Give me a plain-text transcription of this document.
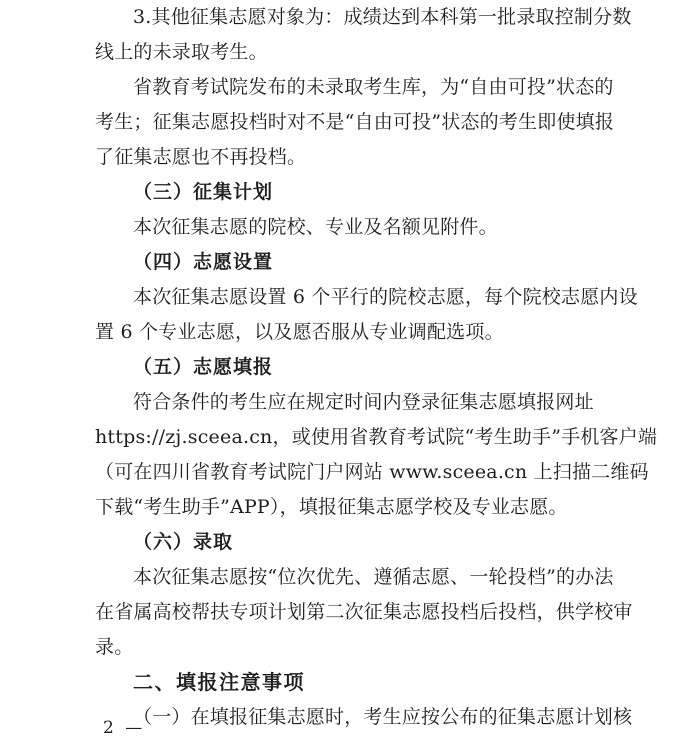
3.其他征集志愿对象为：成绩达到本科第一批录取控制分数
线上的未录取考生。
省教育考试院发布的未录取考生库，为“自由可投”状态的
考生；征集志愿投档时对不是“自由可投”状态的考生即使填报
了征集志愿也不再投档。
（三）征集计划
本次征集志愿的院校、专业及名额见附件。
（四）志愿设置
本次征集志愿设置 6 个平行的院校志愿，每个院校志愿内设
置 6 个专业志愿，以及愿否服从专业调配选项。
（五）志愿填报
符合条件的考生应在规定时间内登录征集志愿填报网址
https://zj.sceea.cn，或使用省教育考试院“考生助手”手机客户端
（可在四川省教育考试院门户网站 www.sceea.cn 上扫描二维码
下载“考生助手”APP），填报征集志愿学校及专业志愿。
（六）录取
本次征集志愿按“位次优先、遵循志愿、一轮投档”的办法
在省属高校帮扶专项计划第二次征集志愿投档后投档，供学校审
录。
二、填报注意事项
（一）在填报征集志愿时，考生应按公布的征集志愿计划核
2 —
